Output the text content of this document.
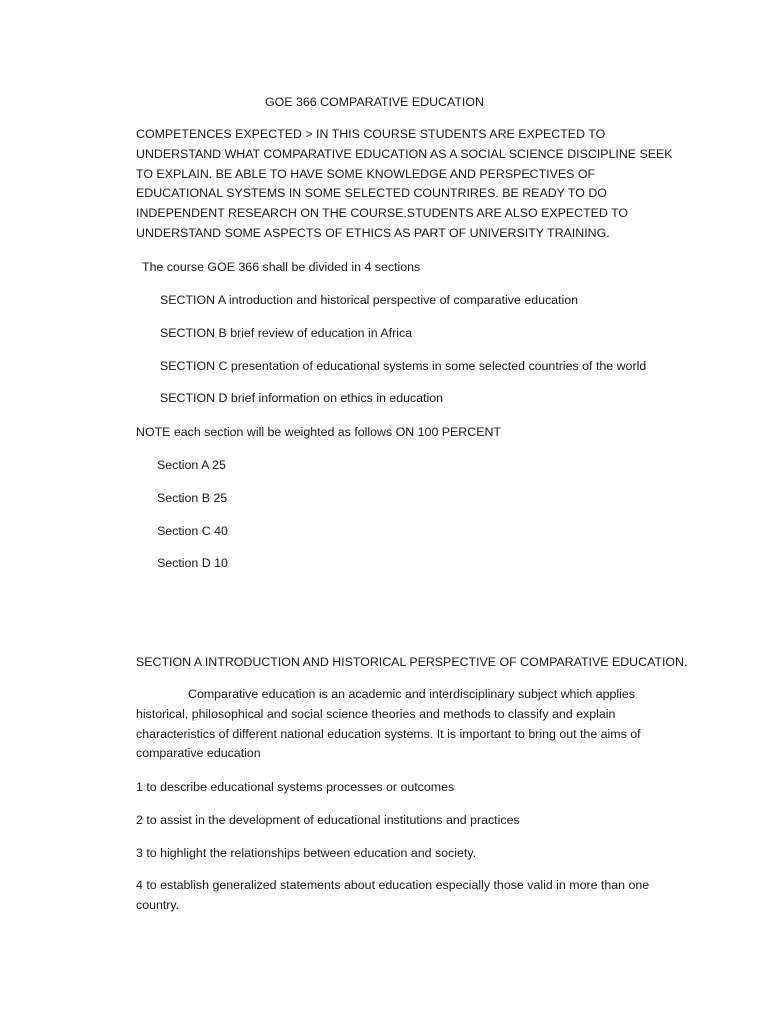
GOE 366 COMPARATIVE EDUCATION

COMPETENCES EXPECTED > IN THIS COURSE STUDENTS ARE EXPECTED TO UNDERSTAND WHAT COMPARATIVE EDUCATION AS A SOCIAL SCIENCE DISCIPLINE SEEK TO EXPLAIN. BE ABLE TO HAVE SOME KNOWLEDGE AND PERSPECTIVES OF EDUCATIONAL SYSTEMS IN SOME SELECTED COUNTRIRES. BE READY TO DO INDEPENDENT RESEARCH ON THE COURSE.STUDENTS ARE ALSO EXPECTED TO UNDERSTAND SOME ASPECTS OF ETHICS AS PART OF UNIVERSITY TRAINING.

The course GOE 366 shall be divided in 4 sections

SECTION A introduction and historical perspective of comparative education

SECTION B brief review of education in Africa

SECTION C presentation of educational systems in some selected countries of the world

SECTION D brief information on ethics in education

NOTE each section will be weighted as follows ON 100 PERCENT

Section A 25

Section B 25

Section C 40

Section D 10

SECTION A INTRODUCTION AND HISTORICAL PERSPECTIVE OF COMPARATIVE EDUCATION.

Comparative education is an academic and interdisciplinary subject which applies historical, philosophical and social science theories and methods to classify and explain characteristics of different national education systems. It is important to bring out the aims of comparative education

1 to describe educational systems processes or outcomes

2 to assist in the development of educational institutions and practices

3 to highlight the relationships between education and society.

4 to establish generalized statements about education especially those valid in more than one country.
